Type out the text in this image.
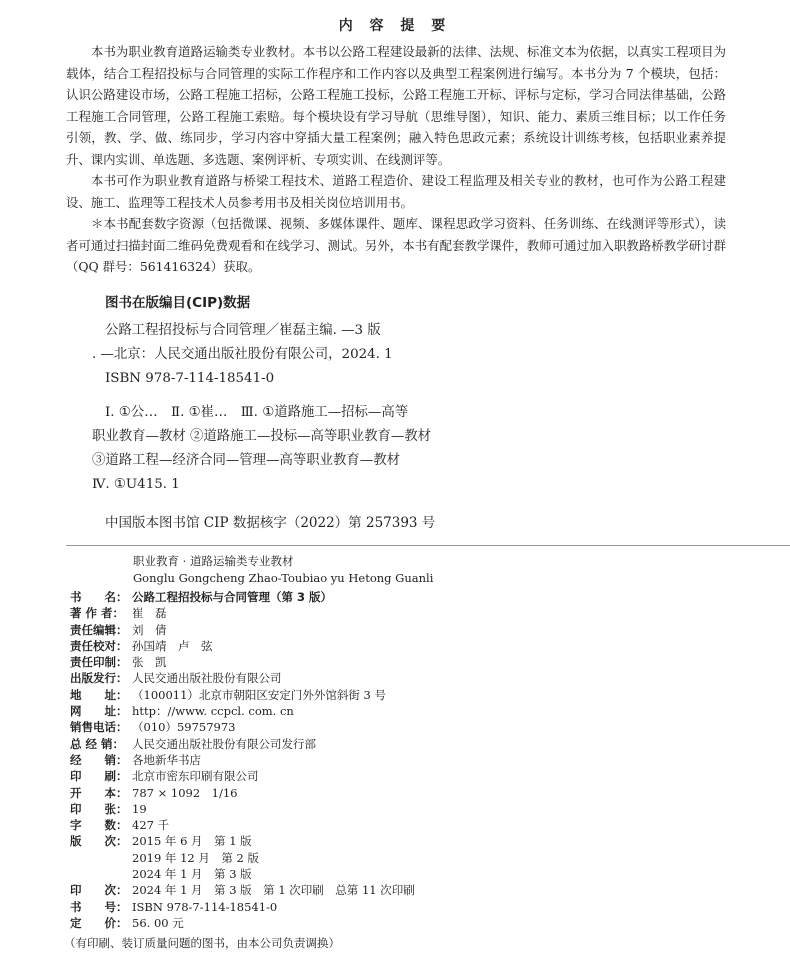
内 容 提 要

本书为职业教育道路运输类专业教材。本书以公路工程建设最新的法律、法规、标准文本为依据，以真实工程项目为载体，结合工程招投标与合同管理的实际工作程序和工作内容以及典型工程案例进行编写。本书分为 7 个模块，包括：认识公路建设市场，公路工程施工招标，公路工程施工投标，公路工程施工开标、评标与定标，学习合同法律基础，公路工程施工合同管理，公路工程施工索赔。每个模块设有学习导航（思维导图），知识、能力、素质三维目标；以工作任务引领，教、学、做、练同步，学习内容中穿插大量工程案例；融入特色思政元素；系统设计训练考核，包括职业素养提升、课内实训、单选题、多选题、案例评析、专项实训、在线测评等。

本书可作为职业教育道路与桥梁工程技术、道路工程造价、建设工程监理及相关专业的教材，也可作为公路工程建设、施工、监理等工程技术人员参考用书及相关岗位培训用书。

＊本书配套数字资源（包括微课、视频、多媒体课件、题库、课程思政学习资料、任务训练、在线测评等形式），读者可通过扫描封面二维码免费观看和在线学习、测试。另外，本书有配套教学课件，教师可通过加入职教路桥教学研讨群（QQ 群号：561416324）获取。

图书在版编目(CIP)数据
公路工程招投标与合同管理／崔磊主编. —3 版
. —北京：人民交通出版社股份有限公司，2024. 1
ISBN 978-7-114-18541-0
Ⅰ. ①公…　Ⅱ. ①崔…　Ⅲ. ①道路施工—招标—高等
职业教育—教材 ②道路施工—投标—高等职业教育—教材
③道路工程—经济合同—管理—高等职业教育—教材
Ⅳ. ①U415. 1
中国版本图书馆 CIP 数据核字（2022）第 257393 号
职业教育 · 道路运输类专业教材
Gonglu Gongcheng Zhao-Toubiao yu Hetong Guanli
书　　名： 公路工程招投标与合同管理（第 3 版）
著 作 者： 崔　磊
责任编辑： 刘　倩
责任校对： 孙国靖　卢　弦
责任印制： 张　凯
出版发行： 人民交通出版社股份有限公司
地　　址： （100011）北京市朝阳区安定门外外馆斜街 3 号
网　　址： http：//www. ccpcl. com. cn
销售电话： （010）59757973
总 经 销： 人民交通出版社股份有限公司发行部
经　　销： 各地新华书店
印　　刷： 北京市密东印刷有限公司
开　　本： 787 × 1092　1/16
印　　张： 19
字　　数： 427 千
版　　次： 2015 年 6 月　第 1 版
2019 年 12 月　第 2 版
2024 年 1 月　第 3 版
印　　次： 2024 年 1 月　第 3 版　第 1 次印刷　总第 11 次印刷
书　　号： ISBN 978-7-114-18541-0
定　　价： 56. 00 元
（有印刷、装订质量问题的图书，由本公司负责调换）
